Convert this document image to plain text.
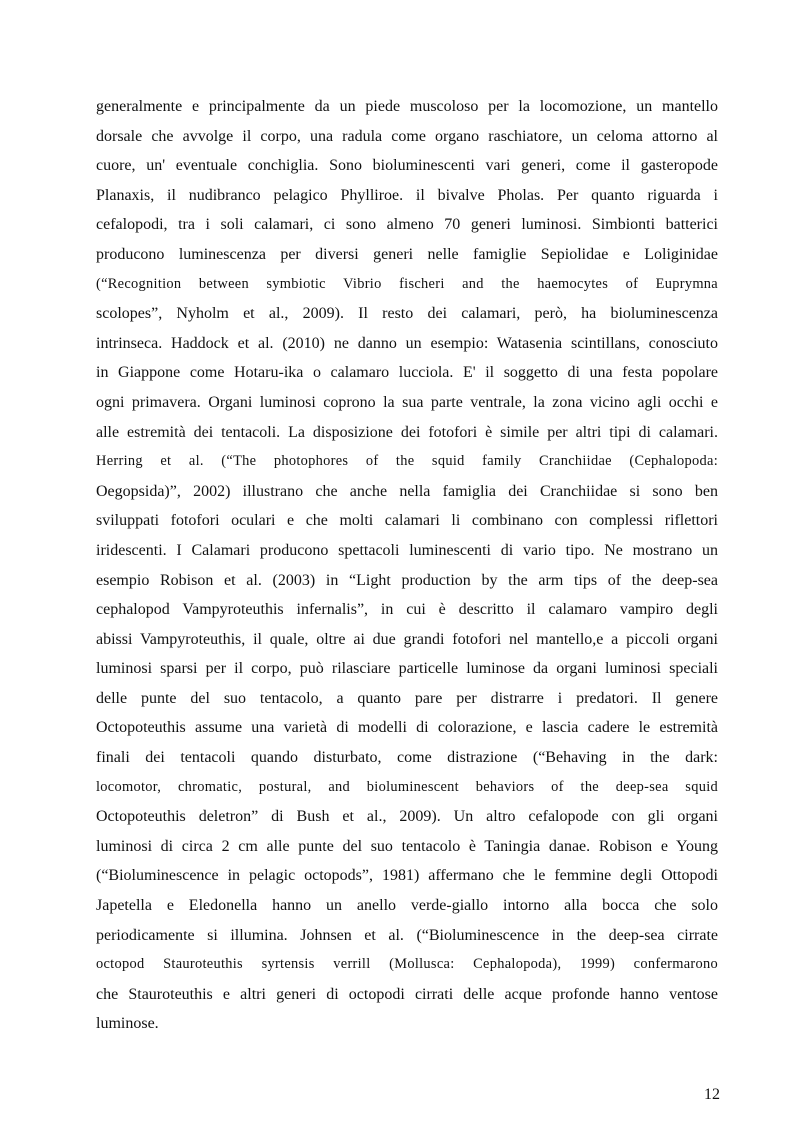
generalmente e principalmente da un piede muscoloso per la locomozione, un mantello
dorsale che avvolge il corpo, una radula come organo raschiatore, un celoma attorno al
cuore, un' eventuale conchiglia. Sono bioluminescenti vari generi, come il gasteropode
Planaxis, il nudibranco pelagico Phylliroe. il bivalve Pholas. Per quanto riguarda i
cefalopodi, tra i soli calamari, ci sono almeno 70 generi luminosi. Simbionti batterici
producono luminescenza per diversi generi nelle famiglie Sepiolidae e Loliginidae
(“Recognition between symbiotic Vibrio fischeri and the haemocytes of Euprymna
scolopes”, Nyholm et al., 2009). Il resto dei calamari, però, ha bioluminescenza
intrinseca. Haddock et al. (2010) ne danno un esempio: Watasenia scintillans, conosciuto
in Giappone come Hotaru-ika o calamaro lucciola. E' il soggetto di una festa popolare
ogni primavera. Organi luminosi coprono la sua parte ventrale, la zona vicino agli occhi e
alle estremità dei tentacoli. La disposizione dei fotofori è simile per altri tipi di calamari.
Herring et al. (“The photophores of the squid family Cranchiidae (Cephalopoda:
Oegopsida)”, 2002) illustrano che anche nella famiglia dei Cranchiidae si sono ben
sviluppati fotofori oculari e che molti calamari li combinano con complessi riflettori
iridescenti. I Calamari producono spettacoli luminescenti di vario tipo. Ne mostrano un
esempio Robison et al. (2003) in “Light production by the arm tips of the deep-sea
cephalopod Vampyroteuthis infernalis”, in cui è descritto il calamaro vampiro degli
abissi Vampyroteuthis, il quale, oltre ai due grandi fotofori nel mantello,e a piccoli organi
luminosi sparsi per il corpo, può rilasciare particelle luminose da organi luminosi speciali
delle punte del suo tentacolo, a quanto pare per distrarre i predatori. Il genere
Octopoteuthis assume una varietà di modelli di colorazione, e lascia cadere le estremità
finali dei tentacoli quando disturbato, come distrazione (“Behaving in the dark:
locomotor, chromatic, postural, and bioluminescent behaviors of the deep-sea squid
Octopoteuthis deletron” di Bush et al., 2009). Un altro cefalopode con gli organi
luminosi di circa 2 cm alle punte del suo tentacolo è Taningia danae. Robison e Young
(“Bioluminescence in pelagic octopods”, 1981) affermano che le femmine degli Ottopodi
Japetella e Eledonella hanno un anello verde-giallo intorno alla bocca che solo
periodicamente si illumina. Johnsen et al. (“Bioluminescence in the deep-sea cirrate
octopod Stauroteuthis syrtensis verrill (Mollusca: Cephalopoda), 1999) confermarono
che Stauroteuthis e altri generi di octopodi cirrati delle acque profonde hanno ventose
luminose.
12
